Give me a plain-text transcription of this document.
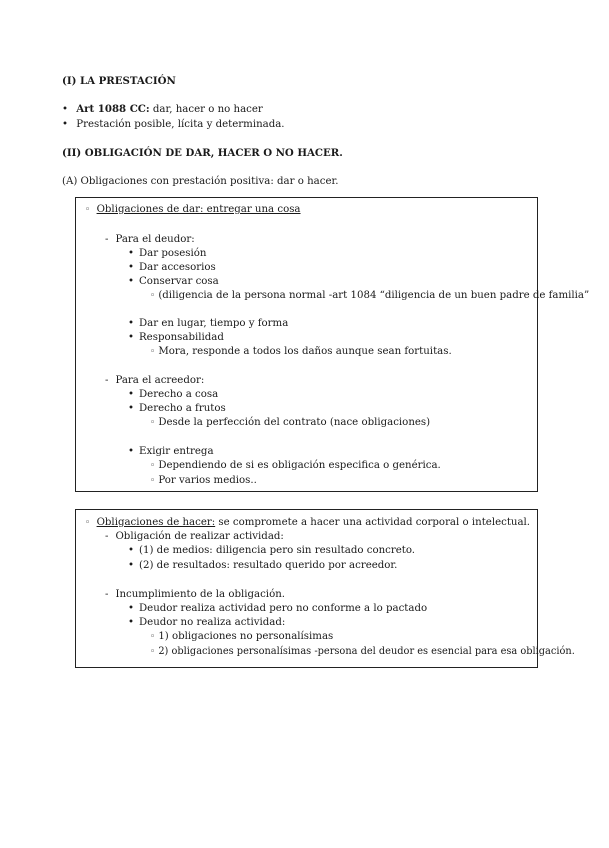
(I) LA PRESTACIÓN
• Art 1088 CC: dar, hacer o no hacer
• Prestación posible, lícita y determinada.
(II) OBLIGACIÓN DE DAR, HACER O NO HACER.
(A) Obligaciones con prestación positiva: dar o hacer.
◦ Obligaciones de dar: entregar una cosa
- Para el deudor:
• Dar posesión
• Dar accesorios
• Conservar cosa
◦ (diligencia de la persona normal -art 1084 “diligencia de un buen padre de familia”
• Dar en lugar, tiempo y forma
• Responsabilidad
◦ Mora, responde a todos los daños aunque sean fortuitas.
- Para el acreedor:
• Derecho a cosa
• Derecho a frutos
◦ Desde la perfección del contrato (nace obligaciones)
• Exigir entrega
◦ Dependiendo de si es obligación especifica o genérica.
◦ Por varios medios..
◦ Obligaciones de hacer: se compromete a hacer una actividad corporal o intelectual.
- Obligación de realizar actividad:
• (1) de medios: diligencia pero sin resultado concreto.
• (2) de resultados: resultado querido por acreedor.
- Incumplimiento de la obligación.
• Deudor realiza actividad pero no conforme a lo pactado
• Deudor no realiza actividad:
◦ 1) obligaciones no personalísimas
◦ 2) obligaciones personalísimas -persona del deudor es esencial para esa obligación.
